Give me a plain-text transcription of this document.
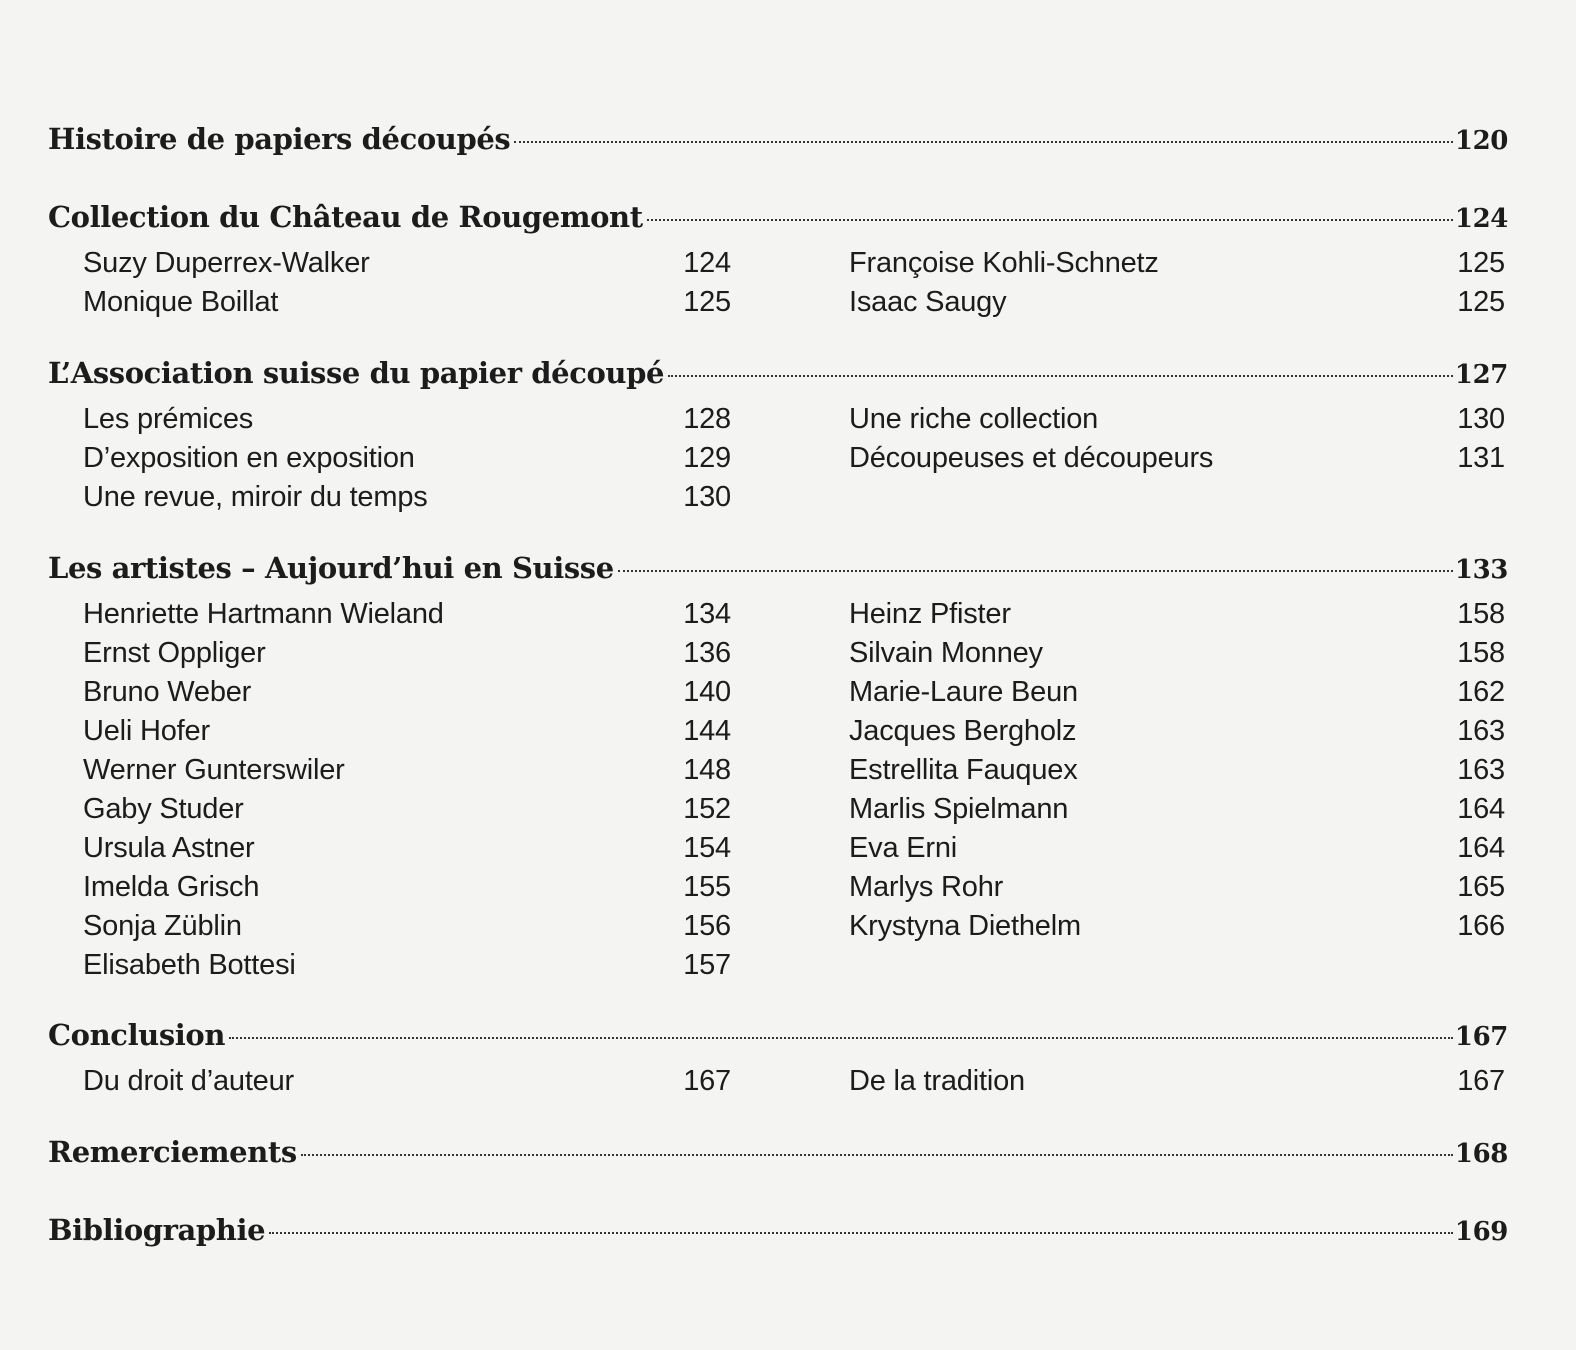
Histoire de papiers découpés	120
Collection du Château de Rougemont	124
Suzy Duperrex-Walker	124
Monique Boillat	125
Françoise Kohli-Schnetz	125
Isaac Saugy	125
L’Association suisse du papier découpé	127
Les prémices	128
D’exposition en exposition	129
Une revue, miroir du temps	130
Une riche collection	130
Découpeuses et découpeurs	131
Les artistes – Aujourd’hui en Suisse	133
Henriette Hartmann Wieland	134
Ernst Oppliger	136
Bruno Weber	140
Ueli Hofer	144
Werner Gunterswiler	148
Gaby Studer	152
Ursula Astner	154
Imelda Grisch	155
Sonja Züblin	156
Elisabeth Bottesi	157
Heinz Pfister	158
Silvain Monney	158
Marie-Laure Beun	162
Jacques Bergholz	163
Estrellita Fauquex	163
Marlis Spielmann	164
Eva Erni	164
Marlys Rohr	165
Krystyna Diethelm	166
Conclusion	167
Du droit d’auteur	167	De la tradition	167
Remerciements	168
Bibliographie	169
